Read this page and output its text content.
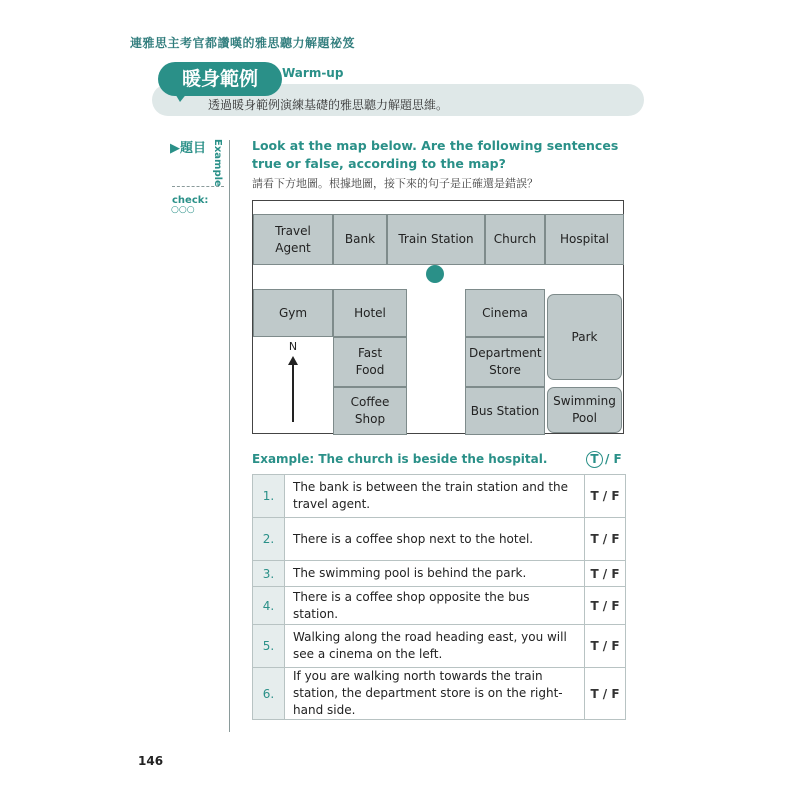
連雅思主考官都讚嘆的雅思聽力解題祕笈
暖身範例	Warm-up
透過暖身範例演練基礎的雅思聽力解題思維。
▶題目 Example
check:
○○○
Look at the map below. Are the following sentences true or false, according to the map?
請看下方地圖。根據地圖，接下來的句子是正確還是錯誤？
Travel Agent
Bank	Train Station	Church	Hospital
Gym	Hotel
Fast Food
Coffee Shop
Cinema
Department Store
Bus Station
Park
Swimming Pool
N
Example: The church is beside the hospital.	T / F
1.	The bank is between the train station and the travel agent.	T / F
2.	There is a coffee shop next to the hotel.	T / F
3.	The swimming pool is behind the park.	T / F
4.	There is a coffee shop opposite the bus station.	T / F
5.	Walking along the road heading east, you will see a cinema on the left.	T / F
6.	If you are walking north towards the train station, the department store is on the right-hand side.	T / F
146
